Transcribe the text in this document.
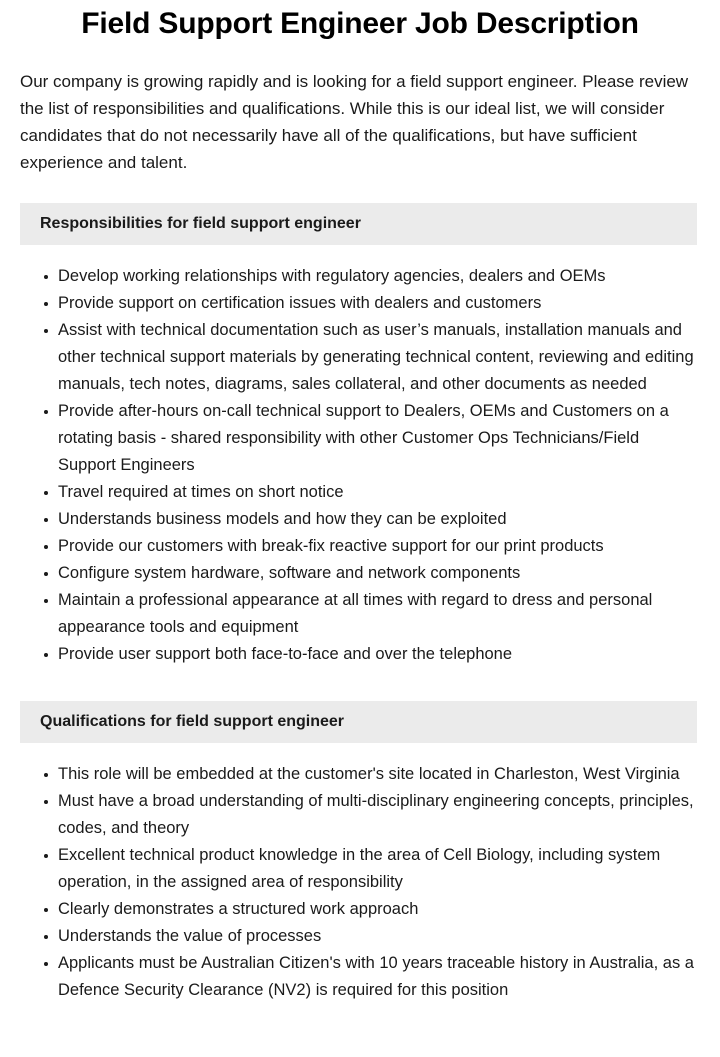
Field Support Engineer Job Description

Our company is growing rapidly and is looking for a field support engineer. Please review the list of responsibilities and qualifications. While this is our ideal list, we will consider candidates that do not necessarily have all of the qualifications, but have sufficient experience and talent.

Responsibilities for field support engineer
Develop working relationships with regulatory agencies, dealers and OEMs
Provide support on certification issues with dealers and customers
Assist with technical documentation such as user’s manuals, installation manuals and other technical support materials by generating technical content, reviewing and editing manuals, tech notes, diagrams, sales collateral, and other documents as needed
Provide after-hours on-call technical support to Dealers, OEMs and Customers on a rotating basis - shared responsibility with other Customer Ops Technicians/Field Support Engineers
Travel required at times on short notice
Understands business models and how they can be exploited
Provide our customers with break-fix reactive support for our print products
Configure system hardware, software and network components
Maintain a professional appearance at all times with regard to dress and personal appearance tools and equipment
Provide user support both face-to-face and over the telephone
Qualifications for field support engineer
This role will be embedded at the customer's site located in Charleston, West Virginia
Must have a broad understanding of multi-disciplinary engineering concepts, principles, codes, and theory
Excellent technical product knowledge in the area of Cell Biology, including system operation, in the assigned area of responsibility
Clearly demonstrates a structured work approach
Understands the value of processes
Applicants must be Australian Citizen's with 10 years traceable history in Australia, as a Defence Security Clearance (NV2) is required for this position
